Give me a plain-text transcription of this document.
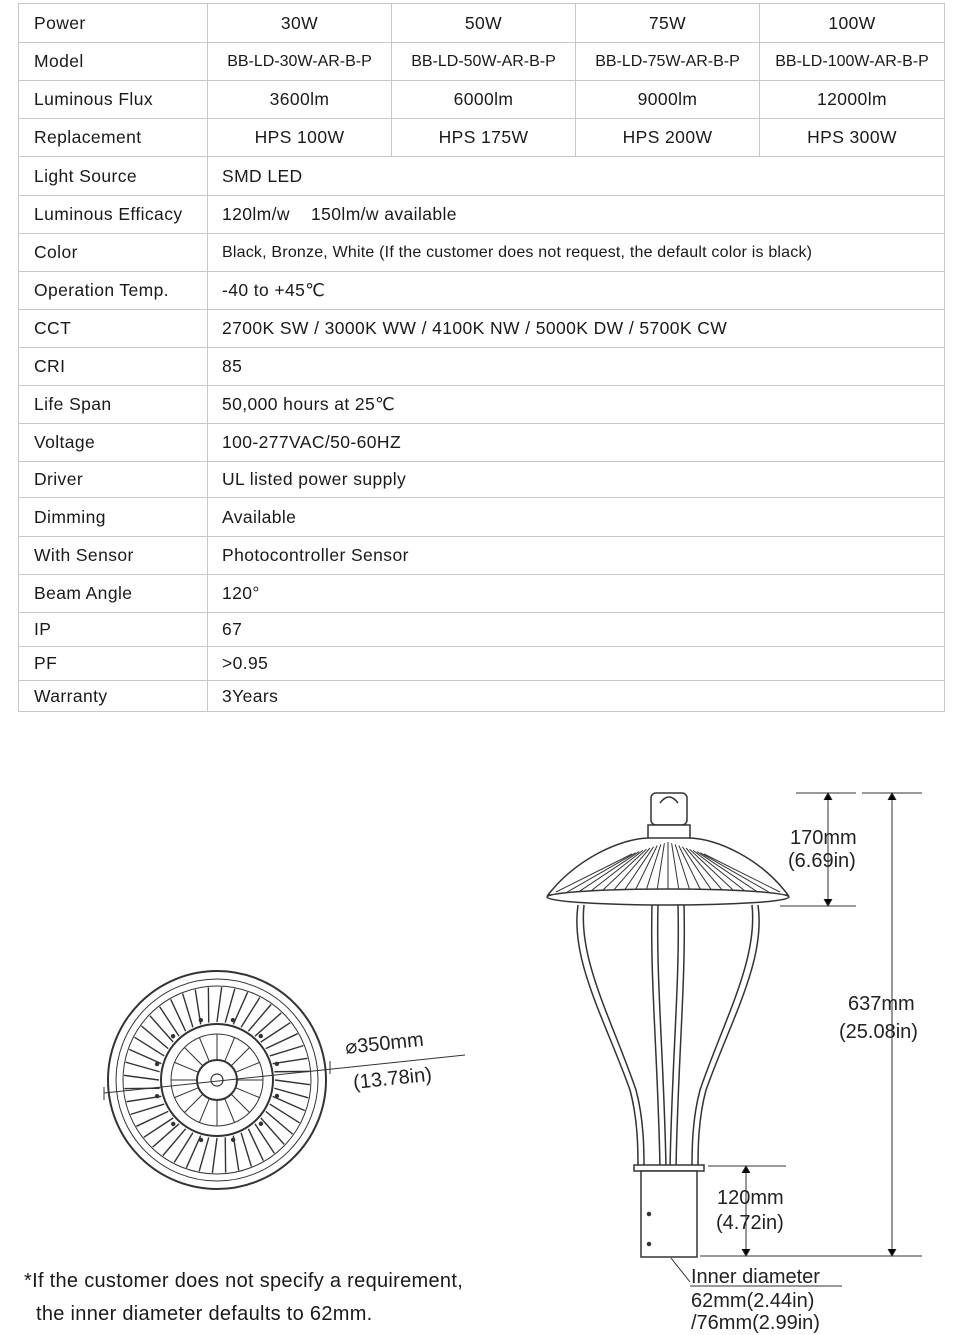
Power	30W	50W	75W	100W
Model	BB-LD-30W-AR-B-P	BB-LD-50W-AR-B-P	BB-LD-75W-AR-B-P	BB-LD-100W-AR-B-P
Luminous Flux	3600lm	6000lm	9000lm	12000lm
Replacement	HPS 100W	HPS 175W	HPS 200W	HPS 300W
Light Source	SMD LED			
Luminous Efficacy	120lm/w    150lm/w available			
Color	Black, Bronze, White (If the customer does not request, the default color is black)			
Operation Temp.	-40 to +45℃			
CCT	2700K SW / 3000K WW / 4100K NW / 5000K DW / 5700K CW			
CRI	85			
Life Span	50,000 hours at 25℃			
Voltage	100-277VAC/50-60HZ			
Driver	UL listed power supply			
Dimming	Available			
With Sensor	Photocontroller Sensor			
Beam Angle	120°			
IP	67			
PF	>0.95			
Warranty	3Years			
⌀350mm
(13.78in)
170mm
(6.69in)
637mm
(25.08in)
120mm
(4.72in)
Inner diameter
62mm(2.44in)
/76mm(2.99in)
*If the customer does not specify a requirement,
the inner diameter defaults to 62mm.
